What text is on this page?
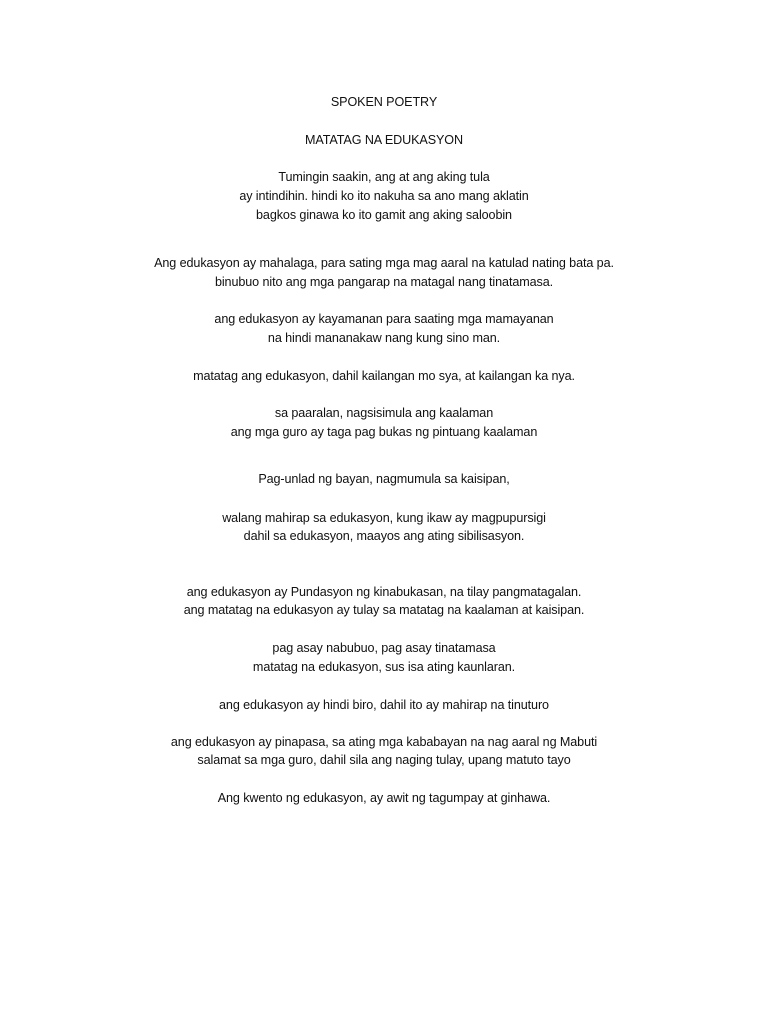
SPOKEN POETRY
MATATAG NA EDUKASYON
Tumingin saakin, ang at ang aking tula
ay intindihin. hindi ko ito nakuha sa ano mang aklatin
bagkos ginawa ko ito gamit ang aking saloobin
Ang edukasyon ay mahalaga, para sating mga mag aaral na katulad nating bata pa.
binubuo nito ang mga pangarap na matagal nang tinatamasa.
ang edukasyon ay kayamanan para saating mga mamayanan
na hindi mananakaw nang kung sino man.
matatag ang edukasyon, dahil kailangan mo sya, at kailangan ka nya.
sa paaralan, nagsisimula ang kaalaman
ang mga guro ay taga pag bukas ng pintuang kaalaman
Pag-unlad ng bayan, nagmumula sa kaisipan,
walang mahirap sa edukasyon, kung ikaw ay magpupursigi
dahil sa edukasyon, maayos ang ating sibilisasyon.
ang edukasyon ay Pundasyon ng kinabukasan, na tilay pangmatagalan.
ang matatag na edukasyon ay tulay sa matatag na kaalaman at kaisipan.
pag asay nabubuo, pag asay tinatamasa
matatag na edukasyon, sus isa ating kaunlaran.
ang edukasyon ay hindi biro, dahil ito ay mahirap na tinuturo
ang edukasyon ay pinapasa, sa ating mga kababayan na nag aaral ng Mabuti
salamat sa mga guro, dahil sila ang naging tulay, upang matuto tayo
Ang kwento ng edukasyon, ay awit ng tagumpay at ginhawa.
